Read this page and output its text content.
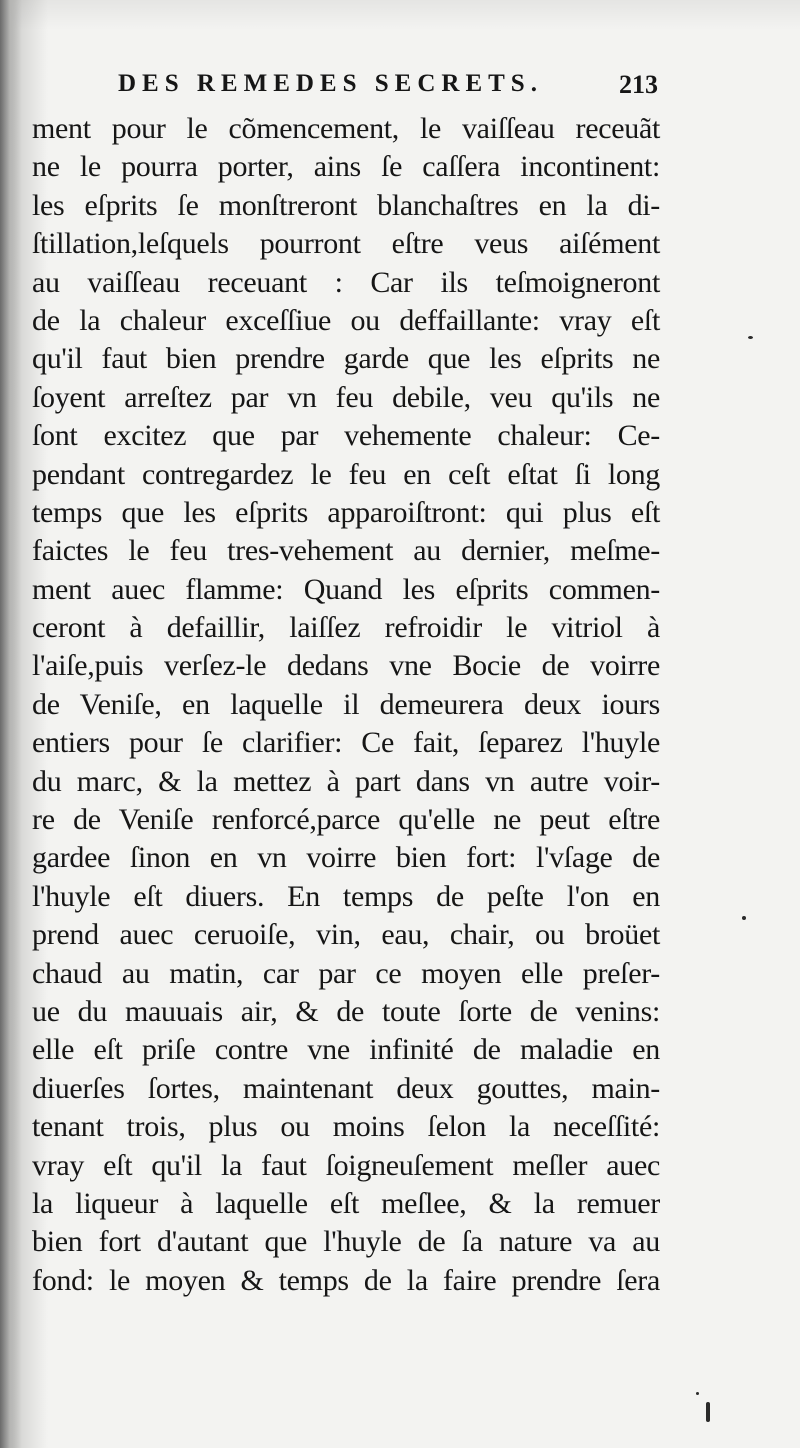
DES REMEDES SECRETS.	213
ment pour le cõmencement, le vaiſſeau receuãt
ne le pourra porter, ains ſe caſſera incontinent:
les eſprits ſe monſtreront blanchaſtres en la di-
ſtillation,leſquels pourront eſtre veus aiſément
au vaiſſeau receuant : Car ils teſmoigneront
de la chaleur exceſſiue ou deffaillante: vray eſt
qu'il faut bien prendre garde que les eſprits ne
ſoyent arreſtez par vn feu debile, veu qu'ils ne
ſont excitez que par vehemente chaleur: Ce-
pendant contregardez le feu en ceſt eſtat ſi long
temps que les eſprits apparoiſtront: qui plus eſt
faictes le feu tres-vehement au dernier, meſme-
ment auec flamme: Quand les eſprits commen-
ceront à defaillir, laiſſez refroidir le vitriol à
l'aiſe,puis verſez-le dedans vne Bocie de voirre
de Veniſe, en laquelle il demeurera deux iours
entiers pour ſe clarifier: Ce fait, ſeparez l'huyle
du marc, & la mettez à part dans vn autre voir-
re de Veniſe renforcé,parce qu'elle ne peut eſtre
gardee ſinon en vn voirre bien fort: l'vſage de
l'huyle eſt diuers. En temps de peſte l'on en
prend auec ceruoiſe, vin, eau, chair, ou broüet
chaud au matin, car par ce moyen elle preſer-
ue du mauuais air, & de toute ſorte de venins:
elle eſt priſe contre vne infinité de maladie en
diuerſes ſortes, maintenant deux gouttes, main-
tenant trois, plus ou moins ſelon la neceſſité:
vray eſt qu'il la faut ſoigneuſement meſler auec
la liqueur à laquelle eſt meſlee, & la remuer
bien fort d'autant que l'huyle de ſa nature va au
fond: le moyen & temps de la faire prendre ſera
